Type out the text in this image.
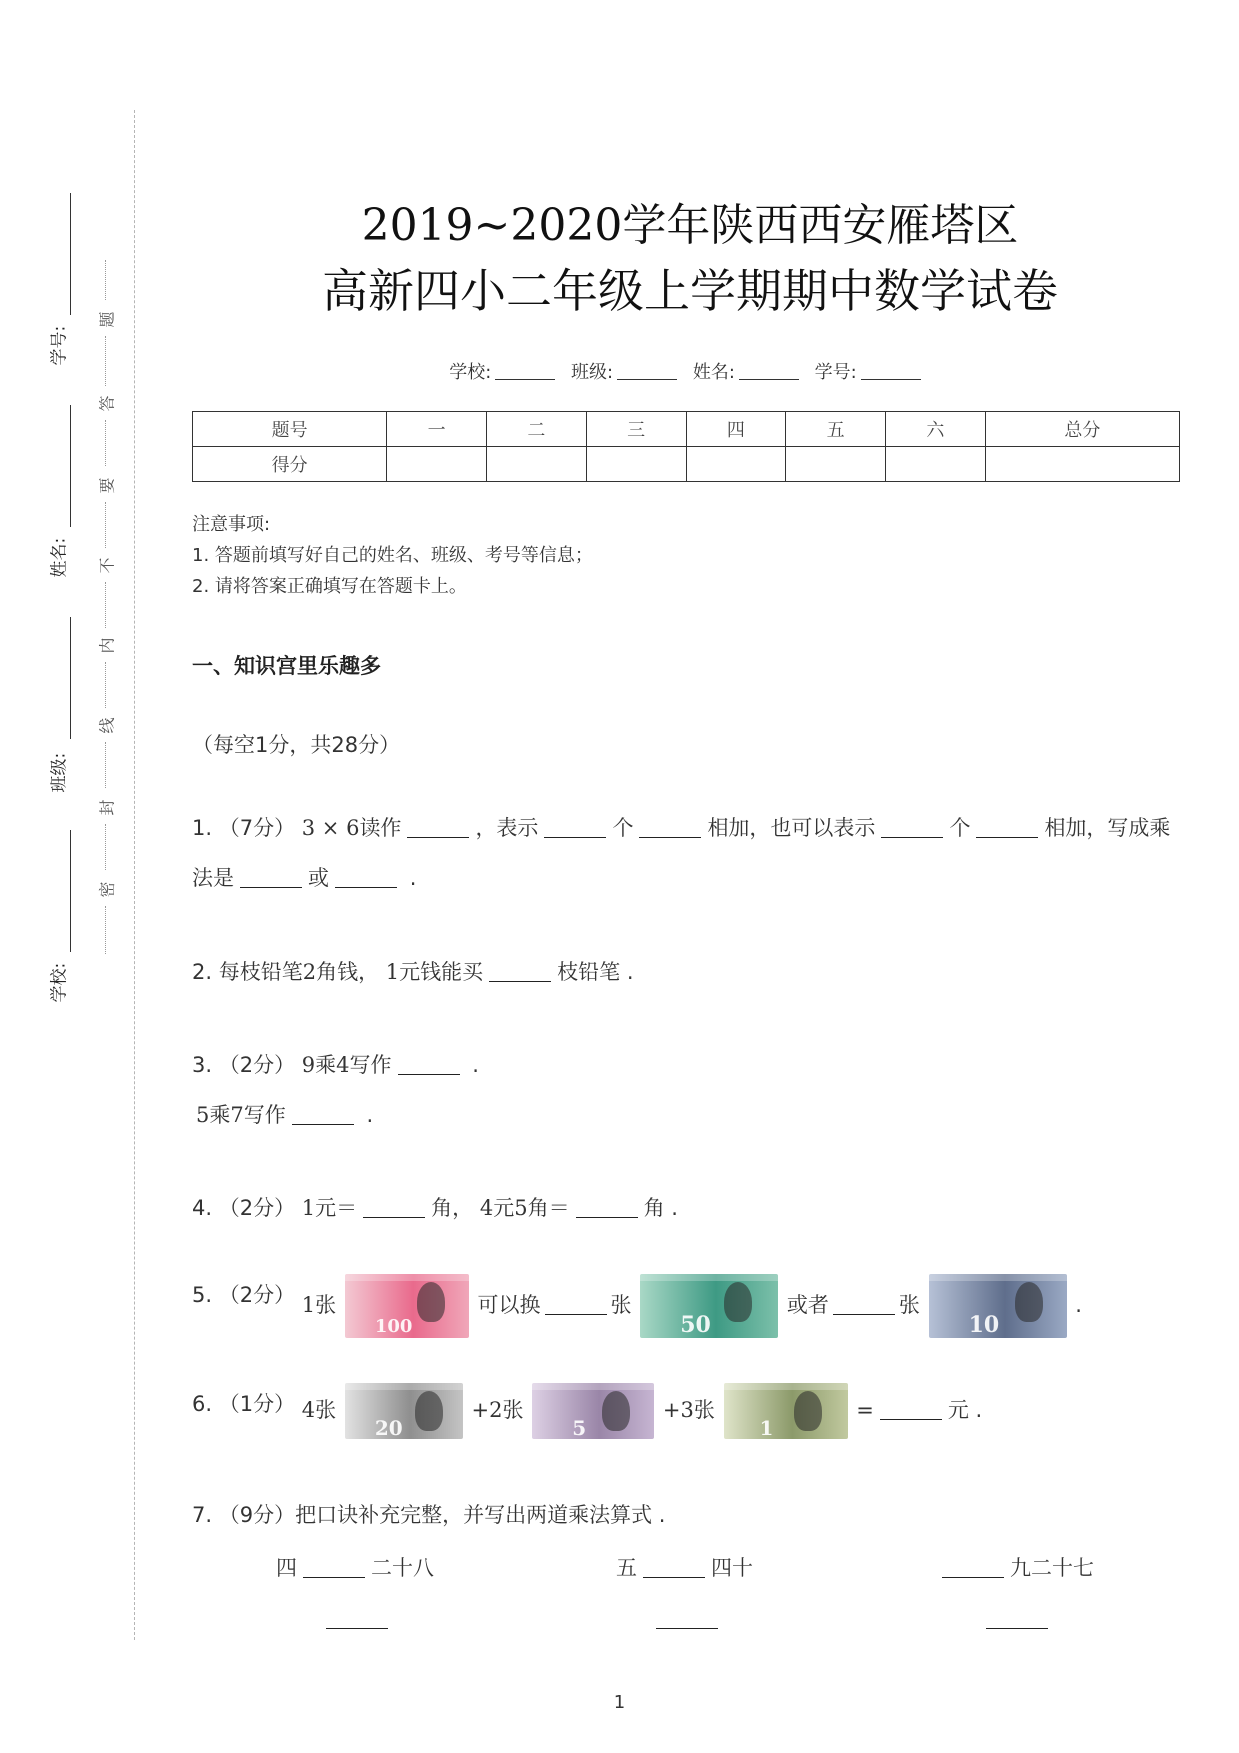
学号:
姓名:
班级:
学校:
题
答
要
不
内
线
封
密
2019~2020学年陕西西安雁塔区
高新四小二年级上学期期中数学试卷
学校:	班级:	姓名:	学号:
题号	一	二	三	四	五	六	总分
得分							
注意事项:
1. 答题前填写好自己的姓名、班级、考号等信息；
2. 请将答案正确填写在答题卡上。
一、知识宫里乐趣多
（每空1分，共28分）
1. （7分） 3 × 6读作	，表示	个	相加，也可以表示	个	相加，写成乘
法是	或	.
2. 每枝铅笔2角钱， 1元钱能买	枝铅笔 .
3. （2分） 9乘4写作	.
5乘7写作	.
4. （2分） 1元＝	角， 4元5角＝	角 .
5. （2分） 1张
100
可以换	张
50
或者	张
10
.
6. （1分） 4张
20
+2张
5
+3张
1
=	元 .
7. （9分）把口诀补充完整，并写出两道乘法算式 .
四	二十八	五	四十	九二十七
1
